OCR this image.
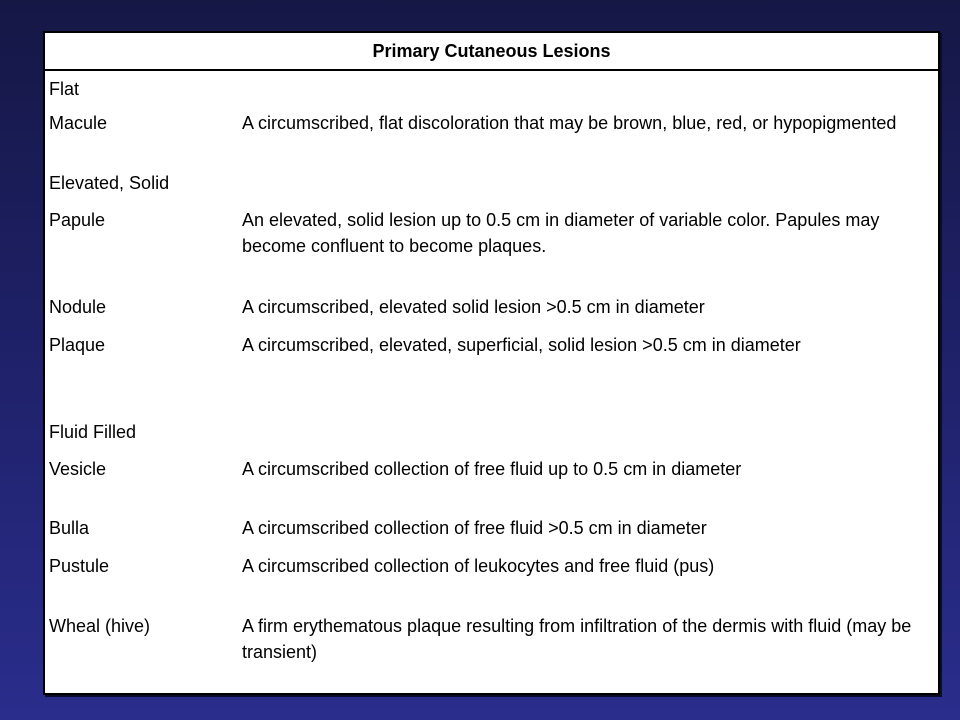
Primary Cutaneous Lesions
Flat
Macule	A circumscribed, flat discoloration that may be brown, blue, red, or hypopigmented
Elevated, Solid
Papule	An elevated, solid lesion up to 0.5 cm in diameter of variable color. Papules may become confluent to become plaques.
Nodule	A circumscribed, elevated solid lesion >0.5 cm in diameter
Plaque	A circumscribed, elevated, superficial, solid lesion >0.5 cm in diameter
Fluid Filled
Vesicle	A circumscribed collection of free fluid up to 0.5 cm in diameter
Bulla	A circumscribed collection of free fluid >0.5 cm in diameter
Pustule	A circumscribed collection of leukocytes and free fluid (pus)
Wheal (hive)	A firm erythematous plaque resulting from infiltration of the dermis with fluid (may be transient)
